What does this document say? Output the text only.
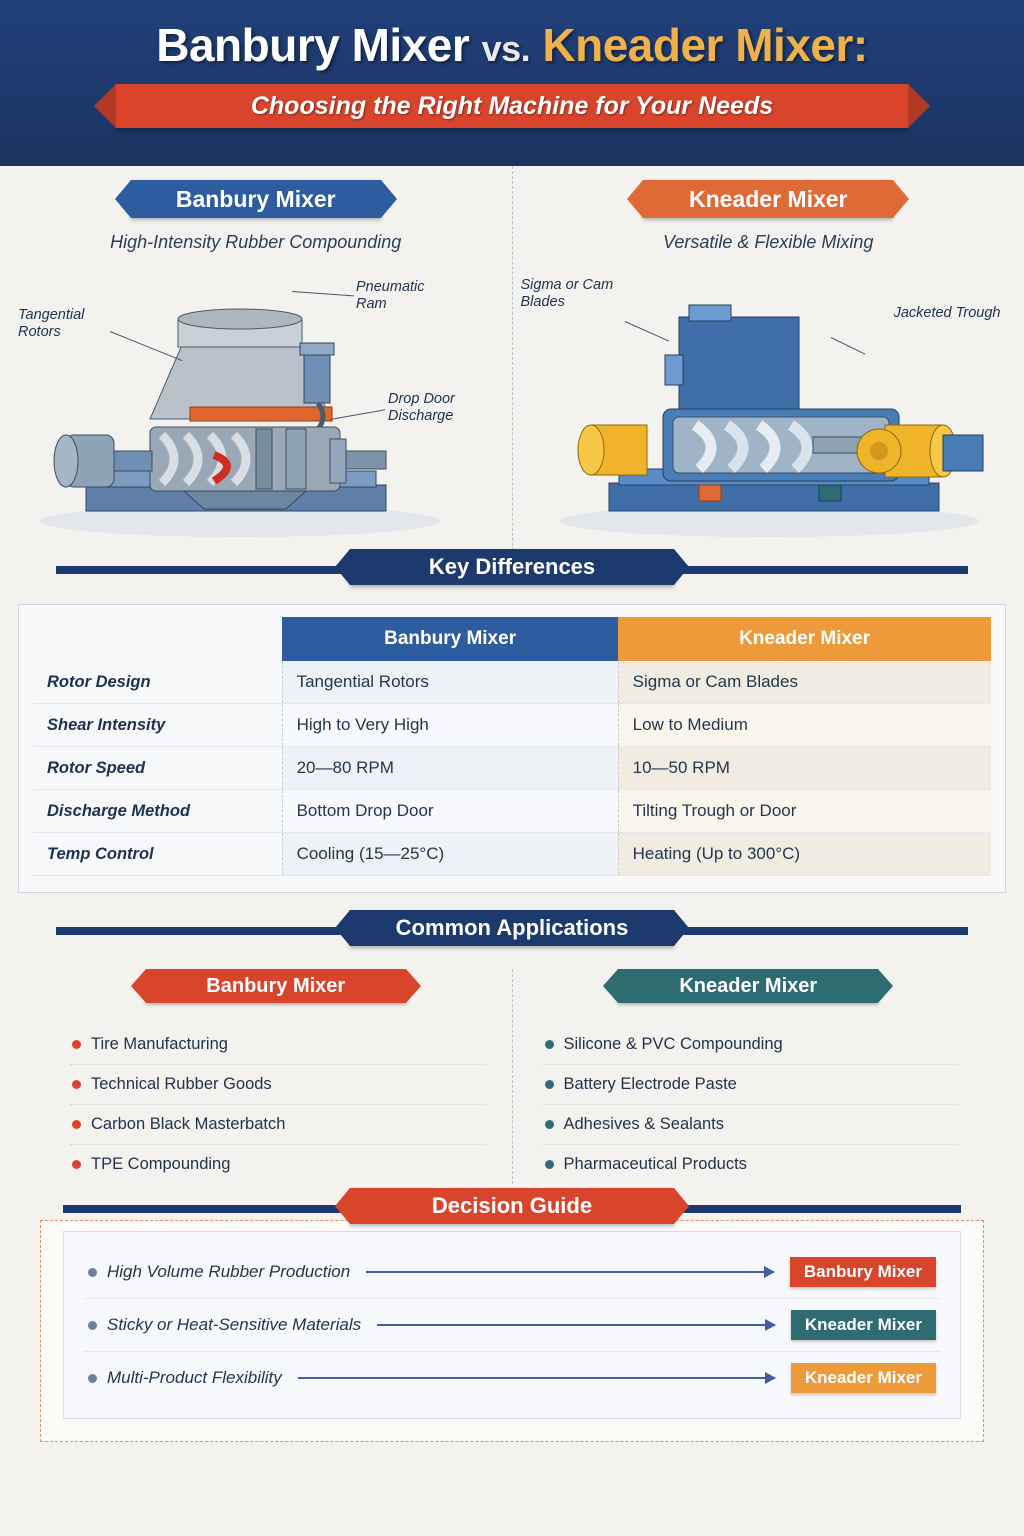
Banbury Mixer vs. Kneader Mixer:
Choosing the Right Machine for Your Needs
Banbury Mixer

High-Intensity Rubber Compounding

Tangential Rotors
Pneumatic Ram
Drop Door Discharge
Kneader Mixer

Versatile & Flexible Mixing

Sigma or Cam Blades
Jacketed Trough
Key Differences
	Banbury Mixer	Kneader Mixer
Rotor Design	Tangential Rotors	Sigma or Cam Blades
Shear Intensity	High to Very High	Low to Medium
Rotor Speed	20—80 RPM	10—50 RPM
Discharge Method	Bottom Drop Door	Tilting Trough or Door
Temp Control	Cooling (15—25°C)	Heating (Up to 300°C)
Common Applications
Banbury Mixer
Tire Manufacturing
Technical Rubber Goods
Carbon Black Masterbatch
TPE Compounding
Kneader Mixer
Silicone & PVC Compounding
Battery Electrode Paste
Adhesives & Sealants
Pharmaceutical Products
Decision Guide
High Volume Rubber Production	Banbury Mixer
Sticky or Heat-Sensitive Materials	Kneader Mixer
Multi-Product Flexibility	Kneader Mixer
